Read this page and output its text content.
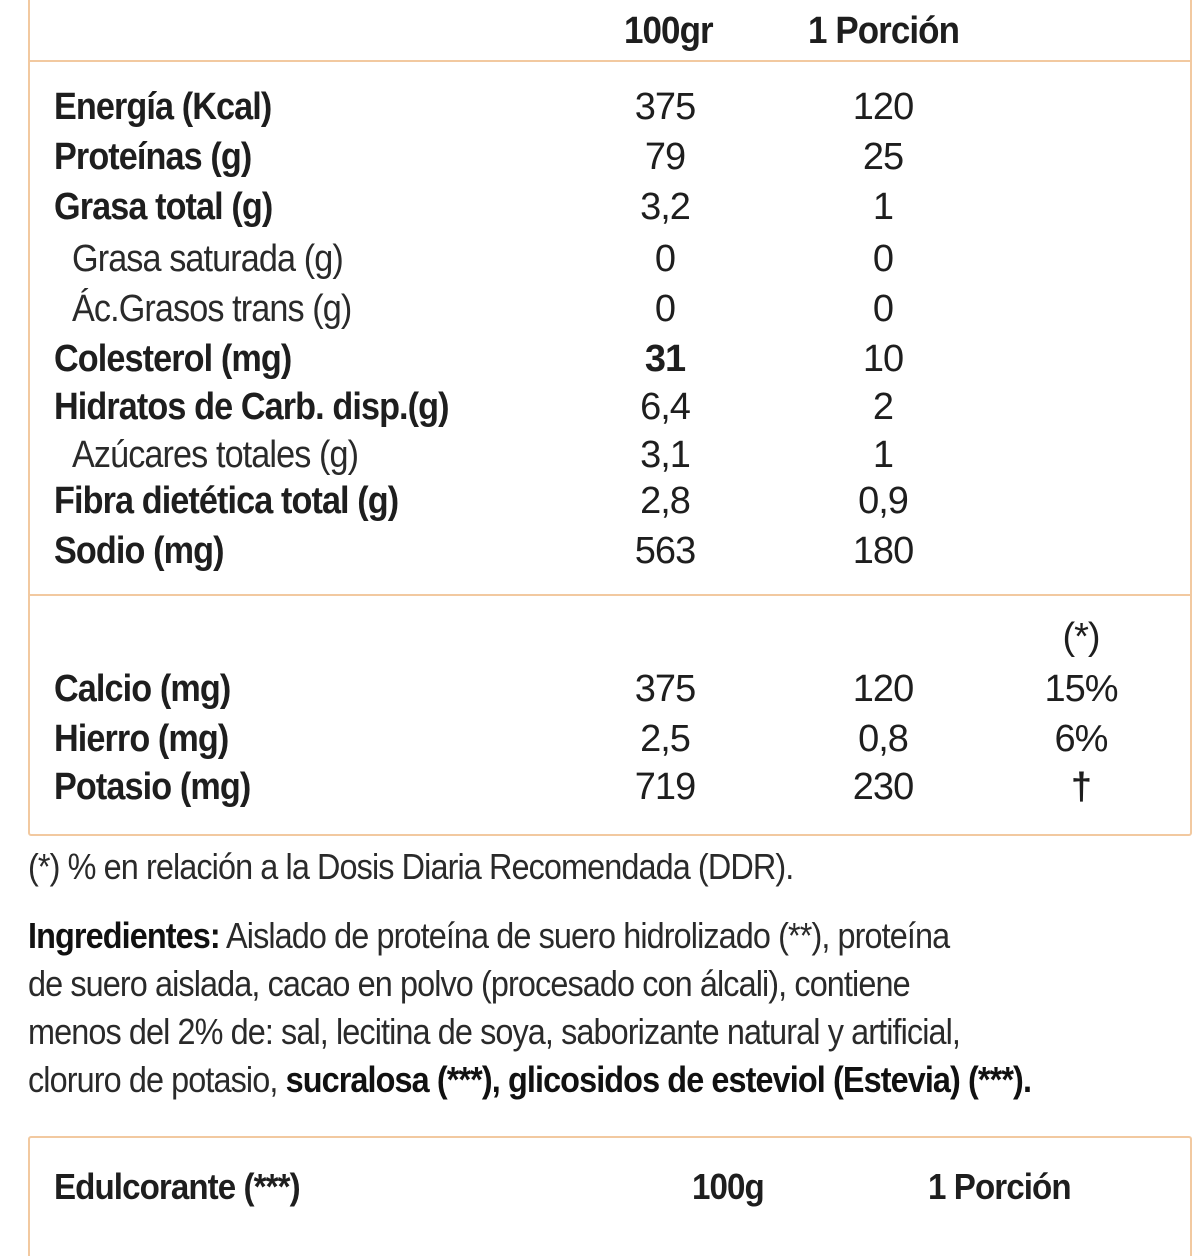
100gr	1 Porción
Energía (Kcal)	375	120
Proteínas (g)	79	25
Grasa total (g)	3,2	1
Grasa saturada (g)	0	0
Ác.Grasos trans (g)	0	0
Colesterol (mg)	31	10
Hidratos de Carb. disp.(g)	6,4	2
Azúcares totales (g)	3,1	1
Fibra dietética total (g)	2,8	0,9
Sodio (mg)	563	180
(*)
Calcio (mg)	375	120	15%
Hierro (mg)	2,5	0,8	6%
Potasio (mg)	719	230	†
(*) % en relación a la Dosis Diaria Recomendada (DDR).
Ingredientes: Aislado de proteína de suero hidrolizado (**), proteína
de suero aislada, cacao en polvo (procesado con álcali), contiene
menos del 2% de: sal, lecitina de soya, saborizante natural y artificial,
cloruro de potasio, sucralosa (***), glicosidos de esteviol (Estevia) (***).
Edulcorante (***)	100g	1 Porción
